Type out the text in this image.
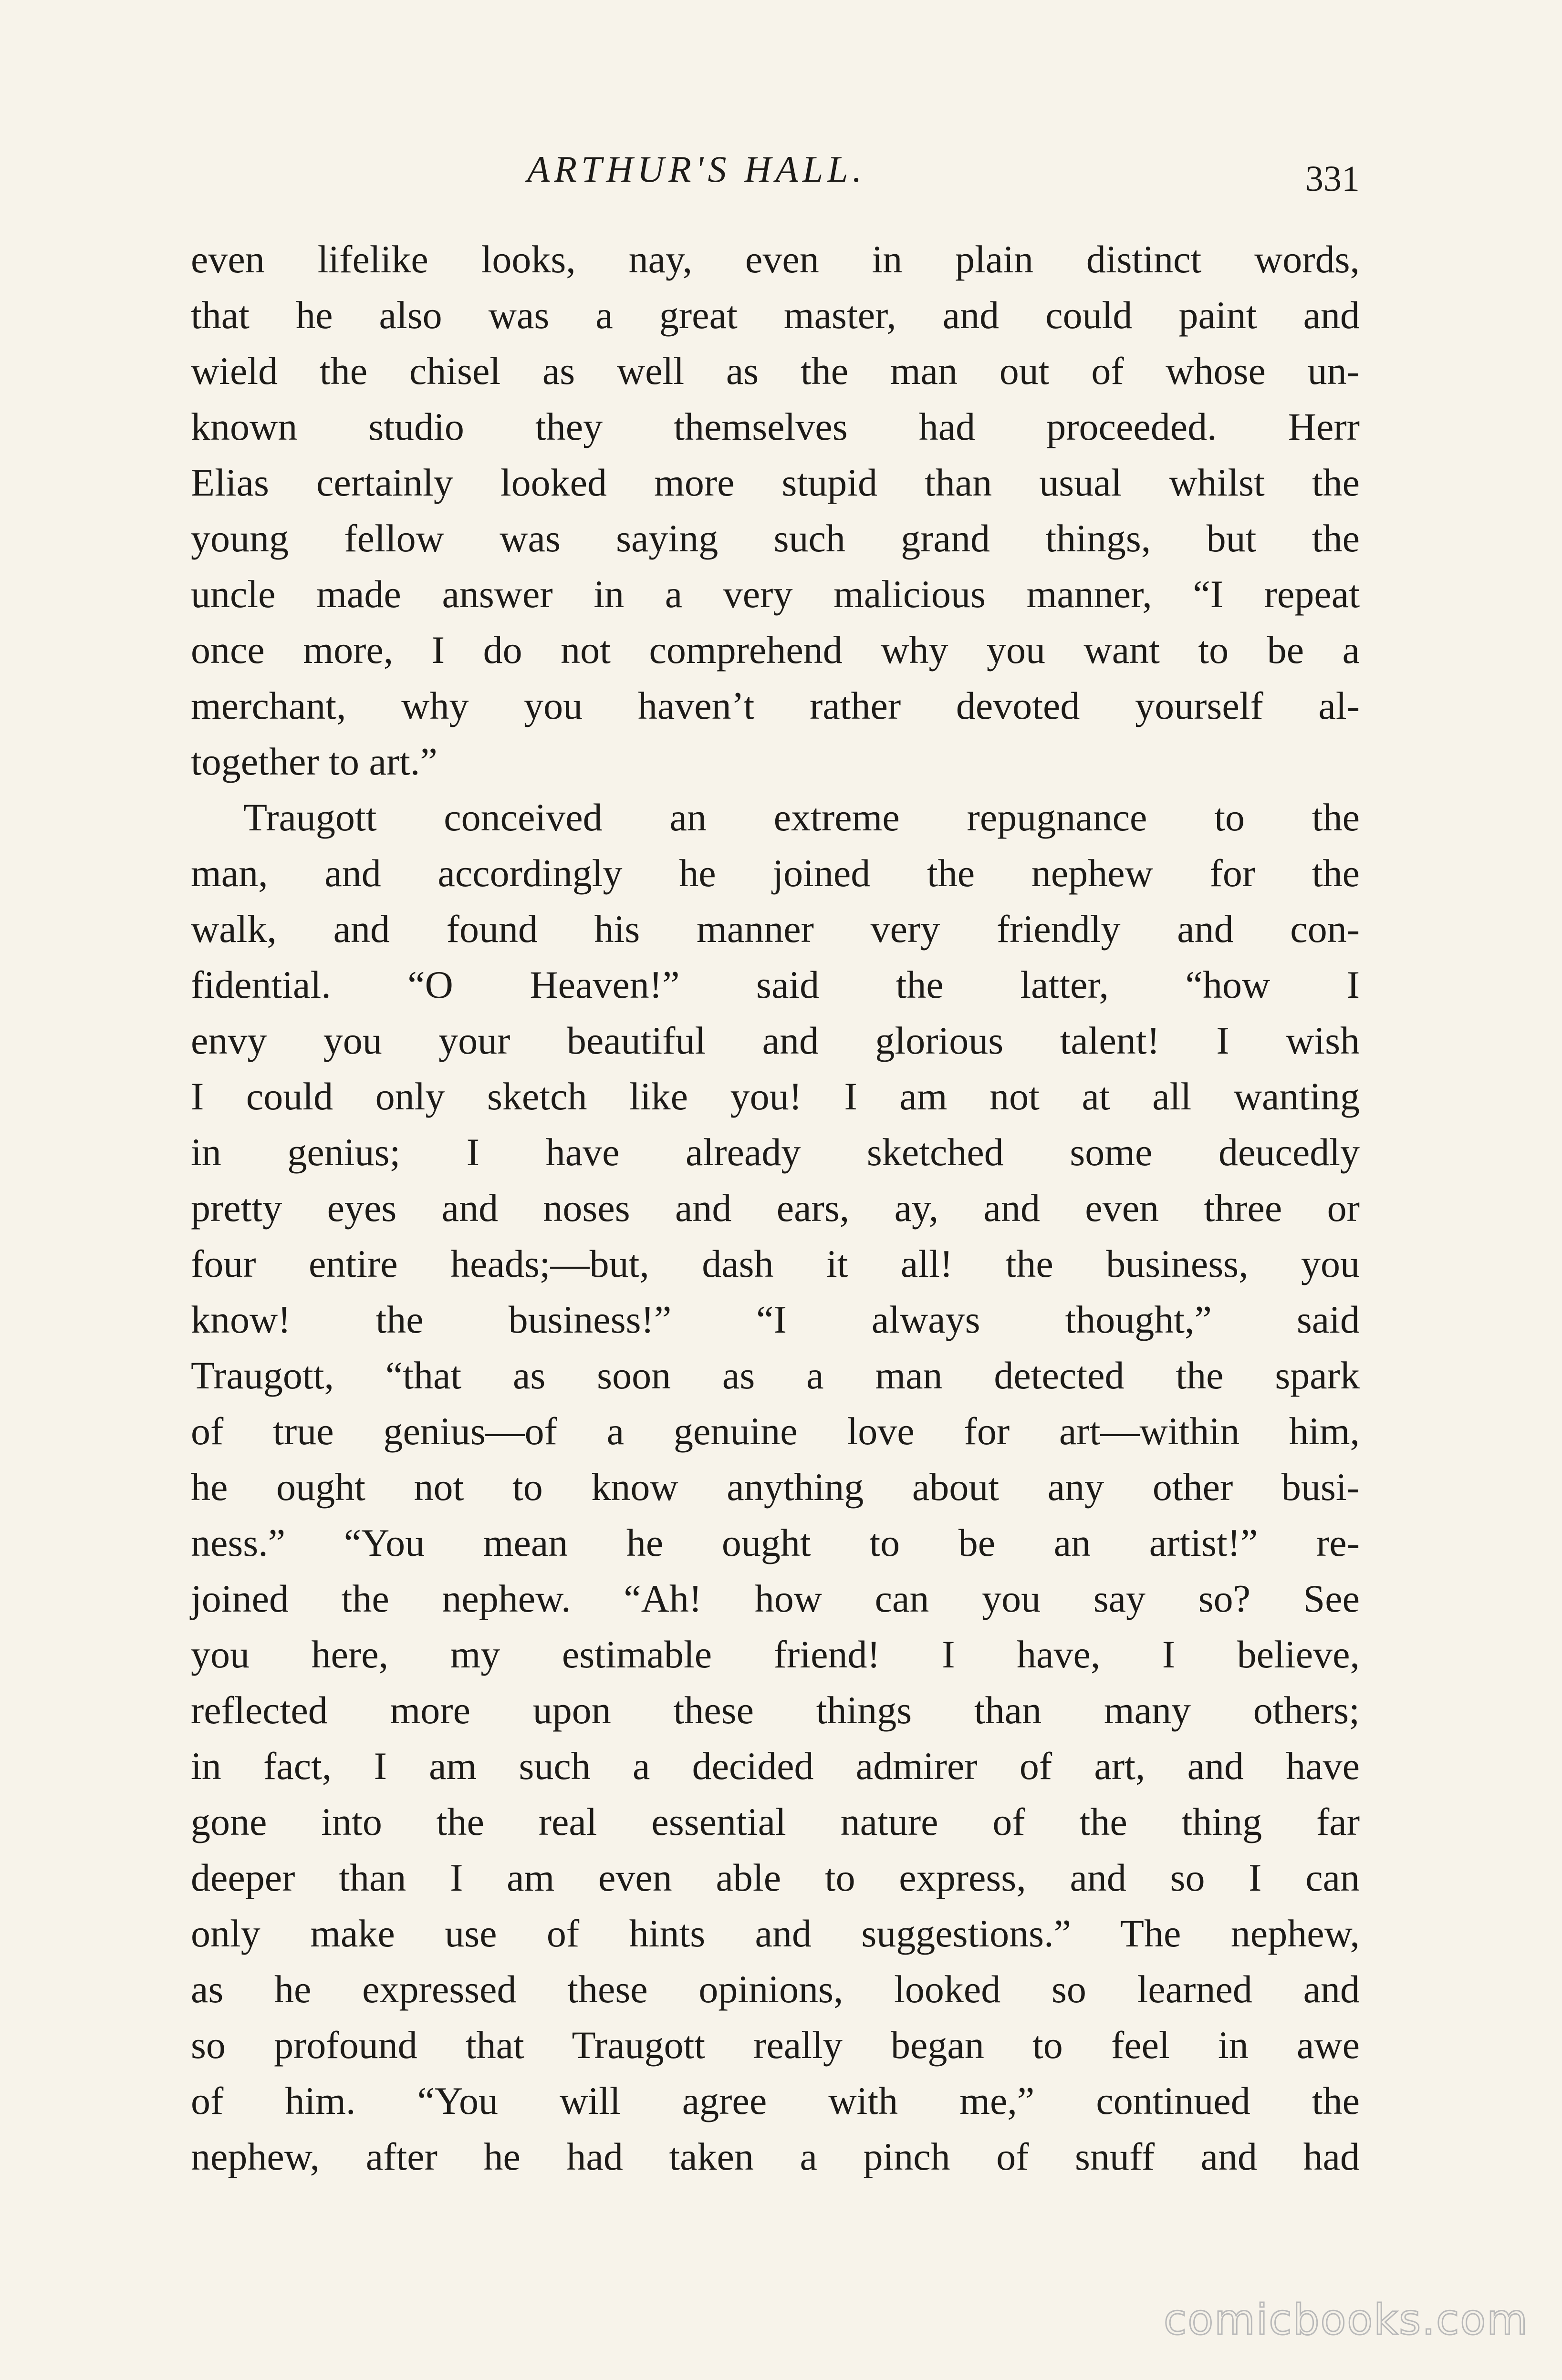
ARTHUR'S HALL.	331
even lifelike looks, nay, even in plain distinct words,
that he also was a great master, and could paint and
wield the chisel as well as the man out of whose un-
known studio they themselves had proceeded. Herr
Elias certainly looked more stupid than usual whilst the
young fellow was saying such grand things, but the
uncle made answer in a very malicious manner, “I repeat
once more, I do not comprehend why you want to be a
merchant, why you haven’t rather devoted yourself al-
together to art.”
Traugott conceived an extreme repugnance to the
man, and accordingly he joined the nephew for the
walk, and found his manner very friendly and con-
fidential. “O Heaven!” said the latter, “how I
envy you your beautiful and glorious talent! I wish
I could only sketch like you! I am not at all wanting
in genius; I have already sketched some deucedly
pretty eyes and noses and ears, ay, and even three or
four entire heads;—but, dash it all! the business, you
know! the business!” “I always thought,” said
Traugott, “that as soon as a man detected the spark
of true genius—of a genuine love for art—within him,
he ought not to know anything about any other busi-
ness.” “You mean he ought to be an artist!” re-
joined the nephew. “Ah! how can you say so? See
you here, my estimable friend! I have, I believe,
reflected more upon these things than many others;
in fact, I am such a decided admirer of art, and have
gone into the real essential nature of the thing far
deeper than I am even able to express, and so I can
only make use of hints and suggestions.” The nephew,
as he expressed these opinions, looked so learned and
so profound that Traugott really began to feel in awe
of him. “You will agree with me,” continued the
nephew, after he had taken a pinch of snuff and had
comicbooks.com
